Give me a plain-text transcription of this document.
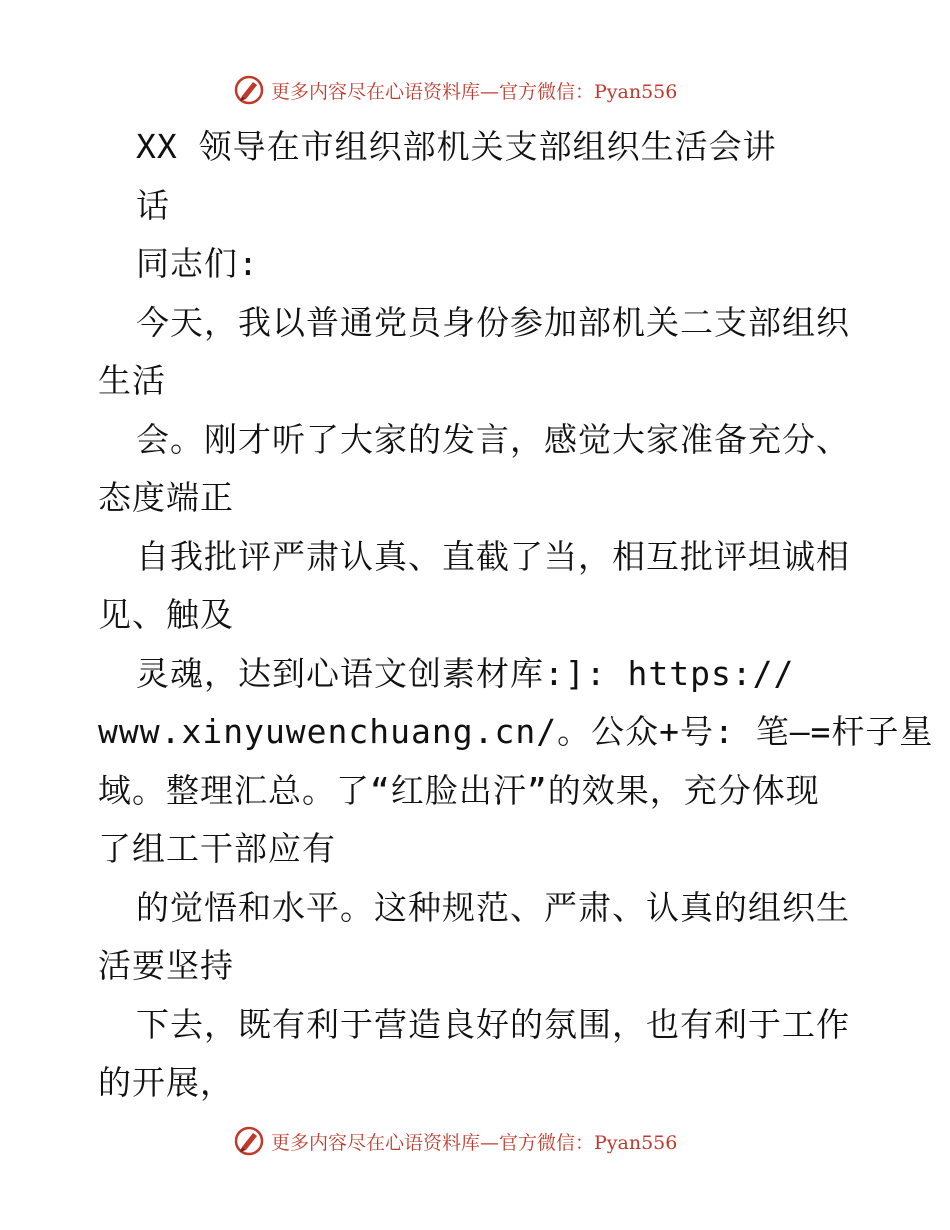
更多内容尽在心语资料库—官方微信：Pyan556
XX 领导在市组织部机关支部组织生活会讲
话
同志们:
今天，我以普通党员身份参加部机关二支部组织
生活
会。刚才听了大家的发言，感觉大家准备充分、
态度端正
自我批评严肃认真、直截了当，相互批评坦诚相
见、触及
灵魂，达到心语文创素材库:]: https://
www.xinyuwenchuang.cn/。公众+号: 笔—=杆子星
域。整理汇总。了“红脸出汗”的效果，充分体现
了组工干部应有
的觉悟和水平。这种规范、严肃、认真的组织生
活要坚持
下去，既有利于营造良好的氛围，也有利于工作
的开展，
更多内容尽在心语资料库—官方微信：Pyan556
